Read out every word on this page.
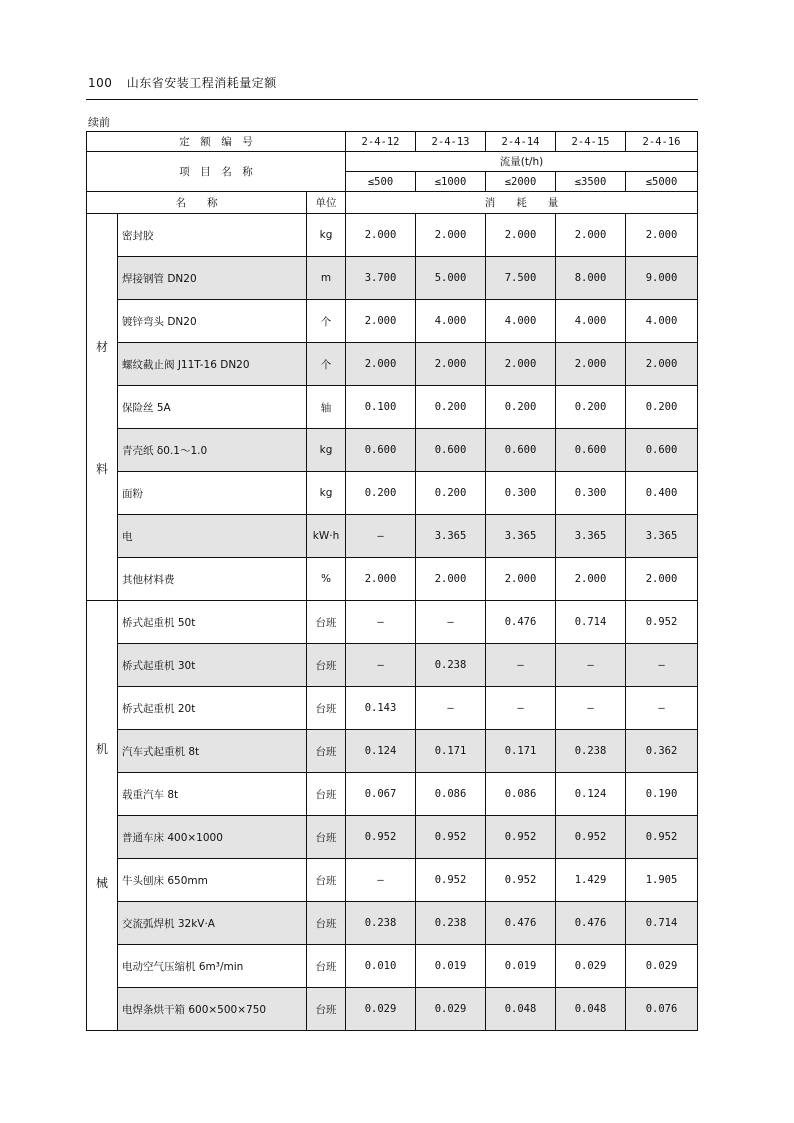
100 山东省安装工程消耗量定额
续前
定　额　编　号			2-4-12	2-4-13	2-4-14	2-4-15	2-4-16
项　目　名　称			流量(t/h)				
			≤500	≤1000	≤2000	≤3500	≤5000
名　　称		单位	消　　耗　　量				

材
料	密封胶	kg	2.000	2.000	2.000	2.000	2.000
	焊接钢管 DN20	m	3.700	5.000	7.500	8.000	9.000
	镀锌弯头 DN20	个	2.000	4.000	4.000	4.000	4.000
	螺纹截止阀 J11T-16 DN20	个	2.000	2.000	2.000	2.000	2.000
	保险丝 5A	轴	0.100	0.200	0.200	0.200	0.200
	青壳纸 δ0.1～1.0	kg	0.600	0.600	0.600	0.600	0.600
	面粉	kg	0.200	0.200	0.300	0.300	0.400
	电	kW·h	—	3.365	3.365	3.365	3.365
	其他材料费	%	2.000	2.000	2.000	2.000	2.000

机
械	桥式起重机 50t	台班	—	—	0.476	0.714	0.952
	桥式起重机 30t	台班	—	0.238	—	—	—
	桥式起重机 20t	台班	0.143	—	—	—	—
	汽车式起重机 8t	台班	0.124	0.171	0.171	0.238	0.362
	载重汽车 8t	台班	0.067	0.086	0.086	0.124	0.190
	普通车床 400×1000	台班	0.952	0.952	0.952	0.952	0.952
	牛头刨床 650mm	台班	—	0.952	0.952	1.429	1.905
	交流弧焊机 32kV·A	台班	0.238	0.238	0.476	0.476	0.714
	电动空气压缩机 6m³/min	台班	0.010	0.019	0.019	0.029	0.029
	电焊条烘干箱 600×500×750	台班	0.029	0.029	0.048	0.048	0.076
